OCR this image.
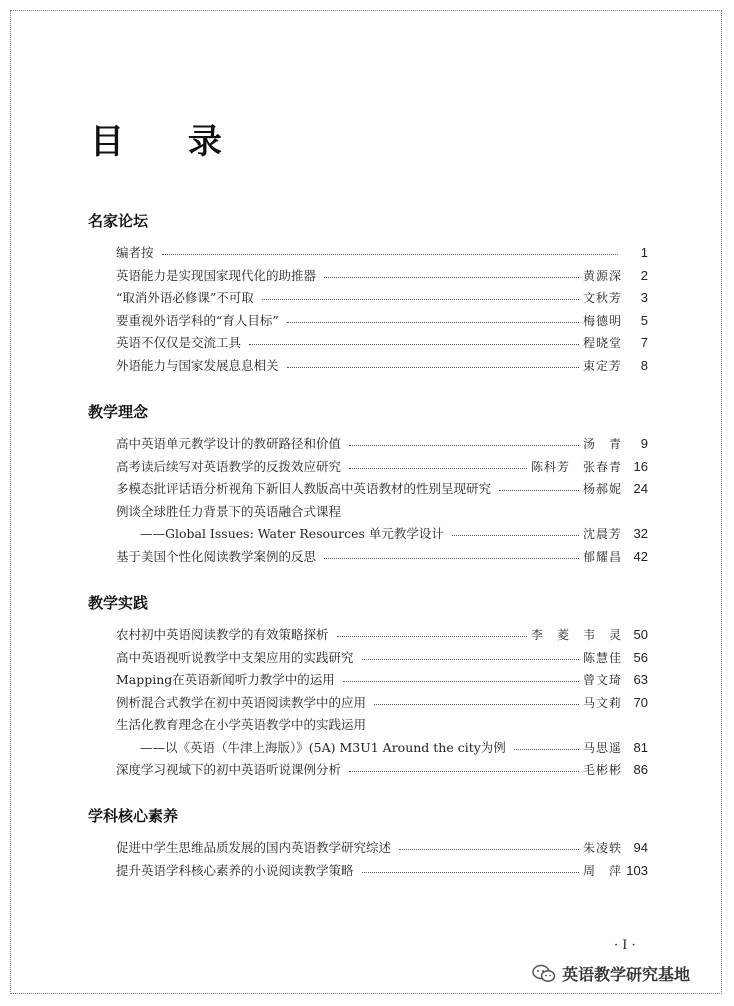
目 录
名家论坛
编者按	1
英语能力是实现国家现代化的助推器	黄源深	2
“取消外语必修课”不可取	文秋芳	3
要重视外语学科的“育人目标”	梅德明	5
英语不仅仅是交流工具	程晓堂	7
外语能力与国家发展息息相关	束定芳	8
教学理念
高中英语单元教学设计的教研路径和价值	汤　青	9
高考读后续写对英语教学的反拨效应研究	陈科芳　张春青 16
多模态批评话语分析视角下新旧人教版高中英语教材的性别呈现研究	杨郝妮 24
例谈全球胜任力背景下的英语融合式课程
——Global Issues: Water Resources 单元教学设计	沈晨芳 32
基于美国个性化阅读教学案例的反思	郁耀昌 42
教学实践
农村初中英语阅读教学的有效策略探析	李　菱　韦　灵 50
高中英语视听说教学中支架应用的实践研究	陈慧佳 56
Mapping在英语新闻听力教学中的运用	曾文琦 63
例析混合式教学在初中英语阅读教学中的应用	马文莉 70
生活化教育理念在小学英语教学中的实践运用
——以《英语（牛津上海版）》(5A) M3U1 Around the city为例	马思遥 81
深度学习视域下的初中英语听说课例分析	毛彬彬 86
学科核心素养
促进中学生思维品质发展的国内英语教学研究综述	朱凌轶 94
提升英语学科核心素养的小说阅读教学策略	周　萍 103
· I ·
英语教学研究基地
